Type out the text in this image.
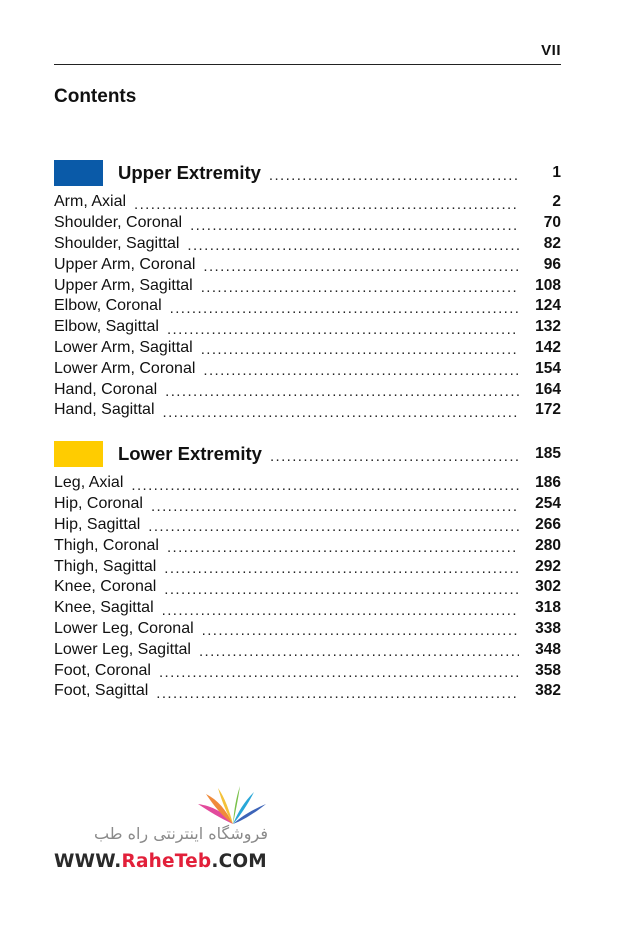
VII
Contents
Upper Extremity .....	1
Arm, Axial .....	2
Shoulder, Coronal .....	70
Shoulder, Sagittal .....	82
Upper Arm, Coronal .....	96
Upper Arm, Sagittal .....	108
Elbow, Coronal .....	124
Elbow, Sagittal .....	132
Lower Arm, Sagittal .....	142
Lower Arm, Coronal .....	154
Hand, Coronal .....	164
Hand, Sagittal .....	172
Lower Extremity .....	185
Leg, Axial .....	186
Hip, Coronal .....	254
Hip, Sagittal .....	266
Thigh, Coronal .....	280
Thigh, Sagittal .....	292
Knee, Coronal .....	302
Knee, Sagittal .....	318
Lower Leg, Coronal .....	338
Lower Leg, Sagittal .....	348
Foot, Coronal .....	358
Foot, Sagittal .....	382
فروشگاه اینترنتی راه طب
WWW.RaheTeb.COM
